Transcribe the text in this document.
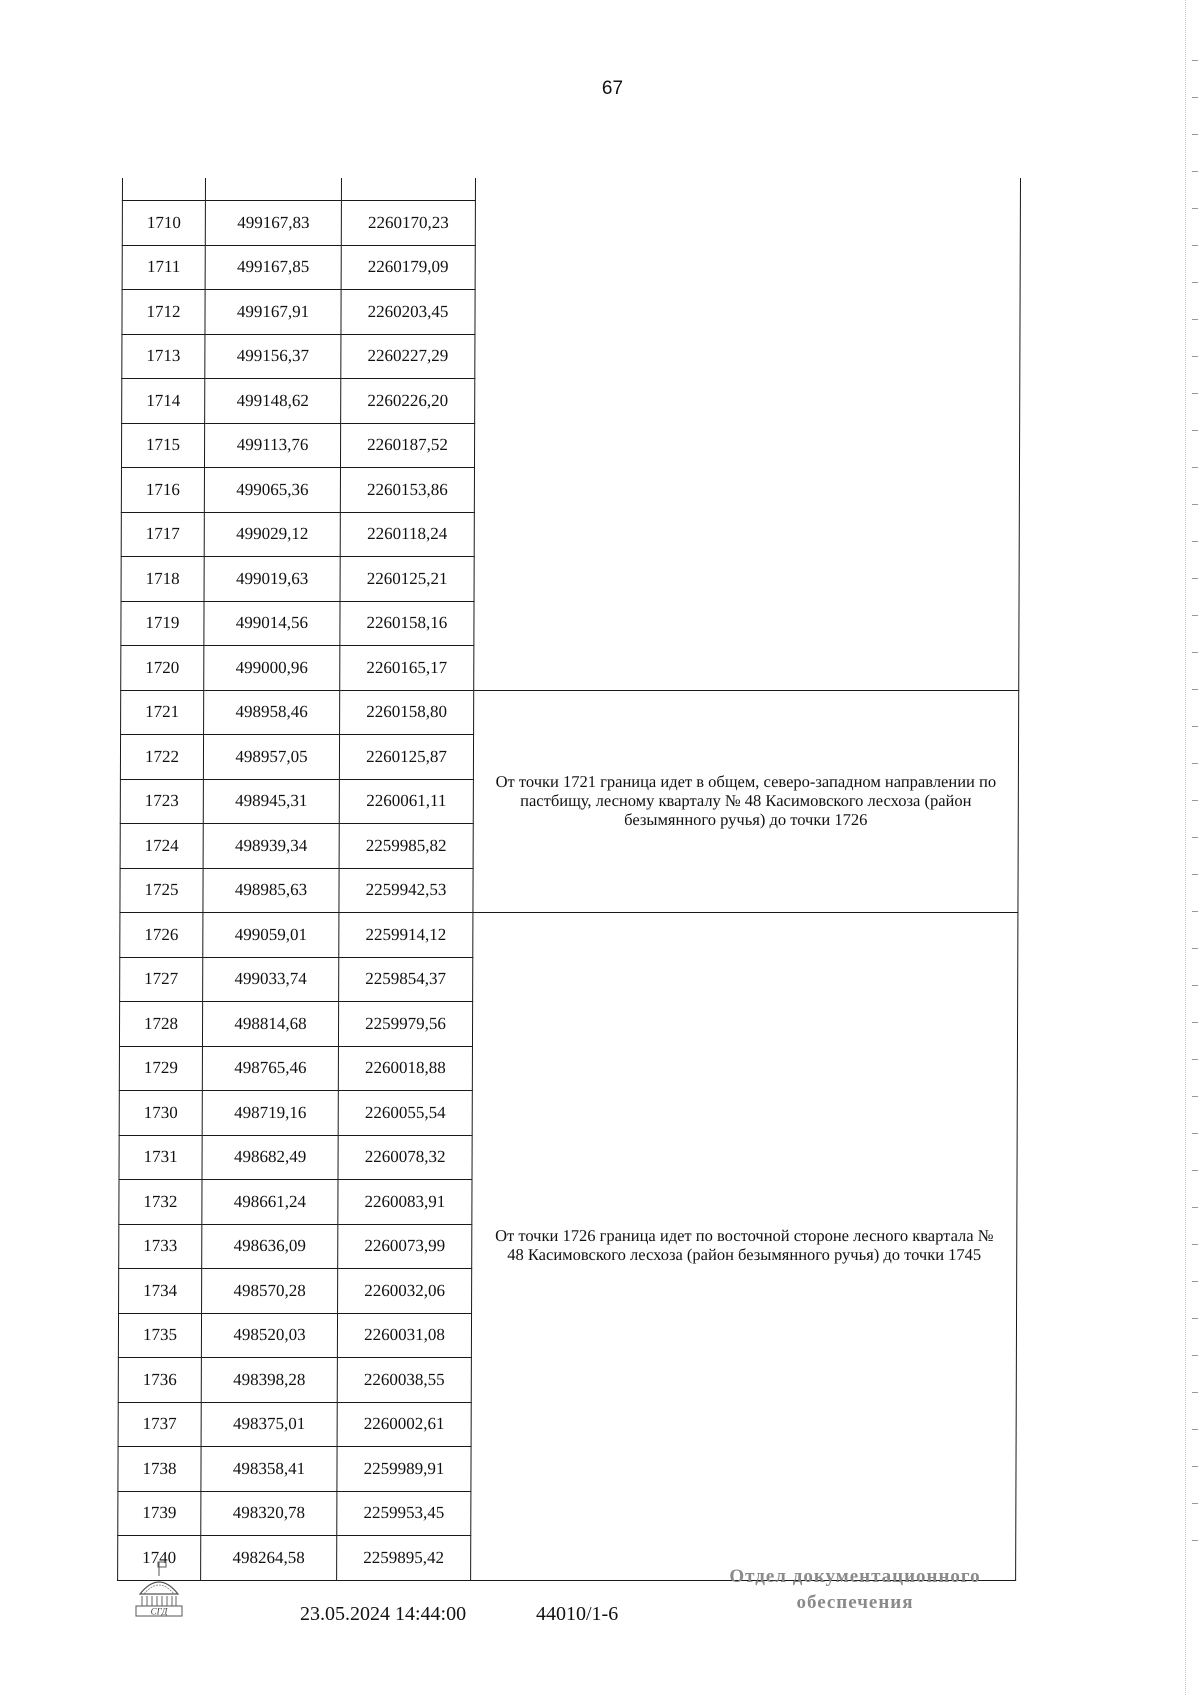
67

1710	499167,83	2260170,23	
1711	499167,85	2260179,09	
1712	499167,91	2260203,45	
1713	499156,37	2260227,29	
1714	499148,62	2260226,20	
1715	499113,76	2260187,52	
1716	499065,36	2260153,86	
1717	499029,12	2260118,24	
1718	499019,63	2260125,21	
1719	499014,56	2260158,16	
1720	499000,96	2260165,17	
1721	498958,46	2260158,80	От точки 1721 граница идет в общем, северо-западном направлении по пастбищу, лесному кварталу № 48 Касимовского лесхоза (район безымянного ручья) до точки 1726
1722	498957,05	2260125,87	
1723	498945,31	2260061,11	
1724	498939,34	2259985,82	
1725	498985,63	2259942,53	
1726	499059,01	2259914,12	От точки 1726 граница идет по восточной стороне лесного квартала № 48 Касимовского лесхоза (район безымянного ручья) до точки 1745
1727	499033,74	2259854,37	
1728	498814,68	2259979,56	
1729	498765,46	2260018,88	
1730	498719,16	2260055,54	
1731	498682,49	2260078,32	
1732	498661,24	2260083,91	
1733	498636,09	2260073,99	
1734	498570,28	2260032,06	
1735	498520,03	2260031,08	
1736	498398,28	2260038,55	
1737	498375,01	2260002,61	
1738	498358,41	2259989,91	
1739	498320,78	2259953,45	
1740	498264,58	2259895,42	
СГД	23.05.2024 14:44:00	44010/1-6
Отдел документационного
обеспечения
